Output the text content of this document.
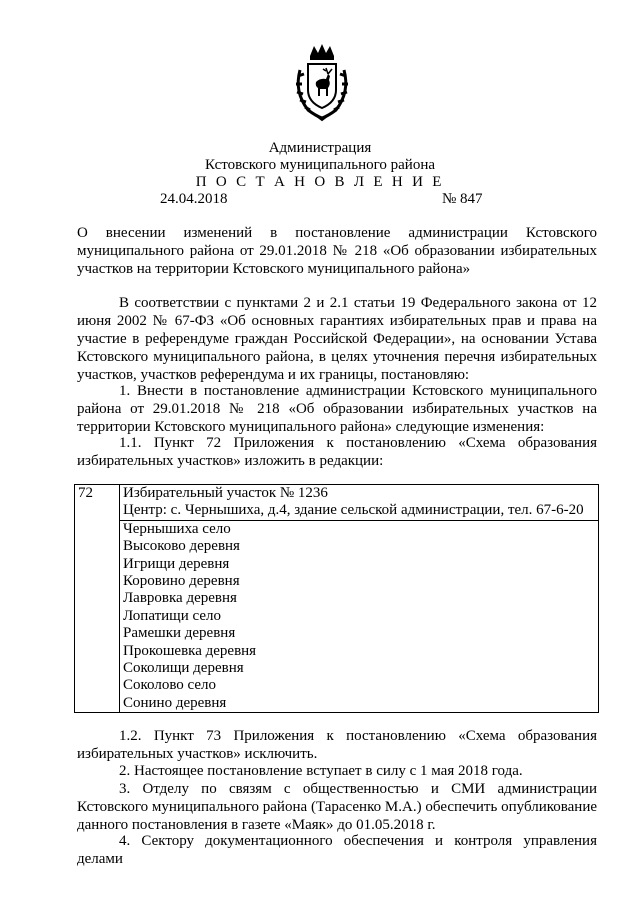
Администрация

Кстовского муниципального района

П О С Т А Н О В Л Е Н И Е

24.04.2018	№ 847

О внесении изменений в постановление администрации Кстовского муниципального района от 29.01.2018 № 218 «Об образовании избирательных участков на территории Кстовского муниципального района»

В соответствии с пунктами 2 и 2.1 статьи 19 Федерального закона от 12 июня 2002 № 67-ФЗ «Об основных гарантиях избирательных прав и права на участие в референдуме граждан Российской Федерации», на основании Устава Кстовского муниципального района, в целях уточнения перечня избирательных участков, участков референдума и их границы, постановляю:

1. Внести в постановление администрации Кстовского муниципального района от 29.01.2018 № 218 «Об образовании избирательных участков на территории Кстовского муниципального района» следующие изменения:

1.1. Пункт 72 Приложения к постановлению «Схема образования избирательных участков» изложить в редакции:

72	Избирательный участок № 1236
Центр: с. Чернышиха, д.4, здание сельской администрации, тел. 67-6-20

Чернышиха село
Высоково деревня
Игрищи деревня
Коровино деревня
Лавровка деревня
Лопатищи село
Рамешки деревня
Прокошевка деревня
Соколищи деревня
Соколово село
Сонино деревня

1.2. Пункт 73 Приложения к постановлению «Схема образования избирательных участков» исключить.

2. Настоящее постановление вступает в силу с 1 мая 2018 года.

3. Отделу по связям с общественностью и СМИ администрации Кстовского муниципального района (Тарасенко М.А.) обеспечить опубликование данного постановления в газете «Маяк» до 01.05.2018 г.

4. Сектору документационного обеспечения и контроля управления делами
